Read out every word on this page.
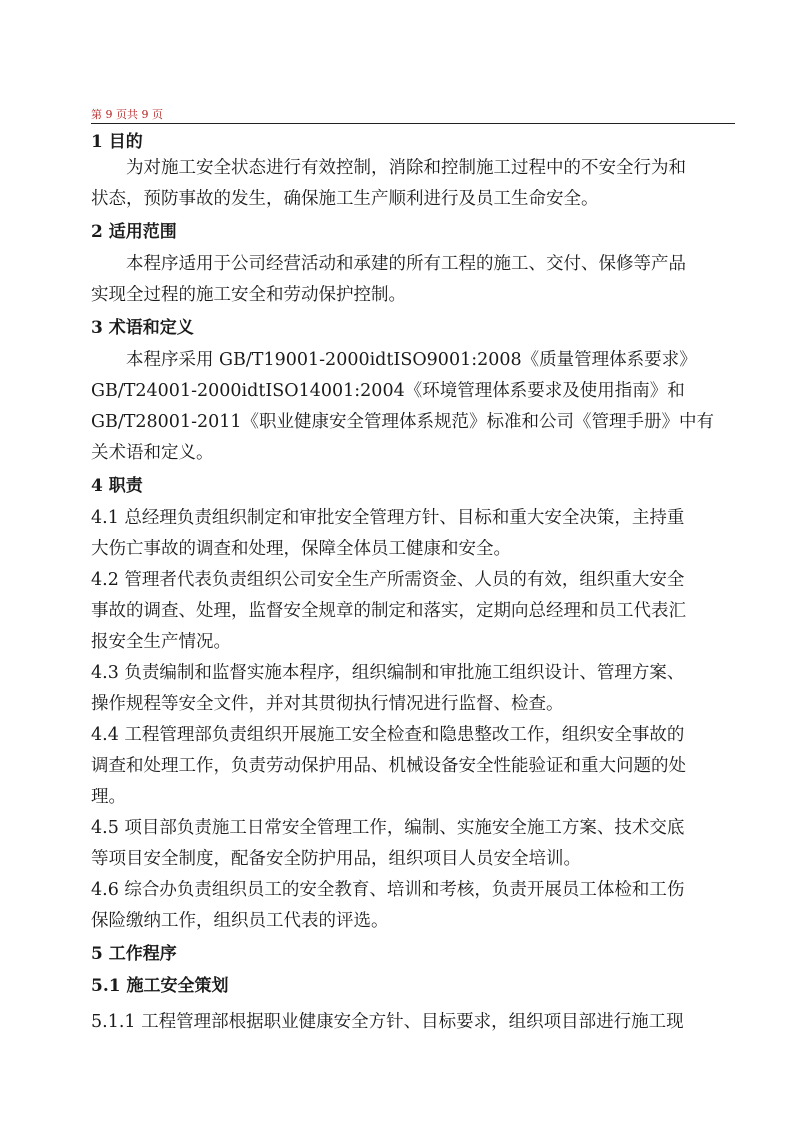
第 9 页共 9 页
1 目的
为对施工安全状态进行有效控制，消除和控制施工过程中的不安全行为和
状态，预防事故的发生，确保施工生产顺利进行及员工生命安全。
2 适用范围
本程序适用于公司经营活动和承建的所有工程的施工、交付、保修等产品
实现全过程的施工安全和劳动保护控制。
3 术语和定义
本程序采用 GB/T19001-2000idtISO9001:2008《质量管理体系要求》
GB/T24001-2000idtISO14001:2004《环境管理体系要求及使用指南》和
GB/T28001-2011《职业健康安全管理体系规范》标准和公司《管理手册》中有
关术语和定义。
4 职责
4.1 总经理负责组织制定和审批安全管理方针、目标和重大安全决策，主持重
大伤亡事故的调查和处理，保障全体员工健康和安全。
4.2 管理者代表负责组织公司安全生产所需资金、人员的有效，组织重大安全
事故的调查、处理，监督安全规章的制定和落实，定期向总经理和员工代表汇
报安全生产情况。
4.3 负责编制和监督实施本程序，组织编制和审批施工组织设计、管理方案、
操作规程等安全文件，并对其贯彻执行情况进行监督、检查。
4.4 工程管理部负责组织开展施工安全检查和隐患整改工作，组织安全事故的
调查和处理工作，负责劳动保护用品、机械设备安全性能验证和重大问题的处
理。
4.5 项目部负责施工日常安全管理工作，编制、实施安全施工方案、技术交底
等项目安全制度，配备安全防护用品，组织项目人员安全培训。
4.6 综合办负责组织员工的安全教育、培训和考核，负责开展员工体检和工伤
保险缴纳工作，组织员工代表的评选。
5 工作程序
5.1 施工安全策划
5.1.1 工程管理部根据职业健康安全方针、目标要求，组织项目部进行施工现
